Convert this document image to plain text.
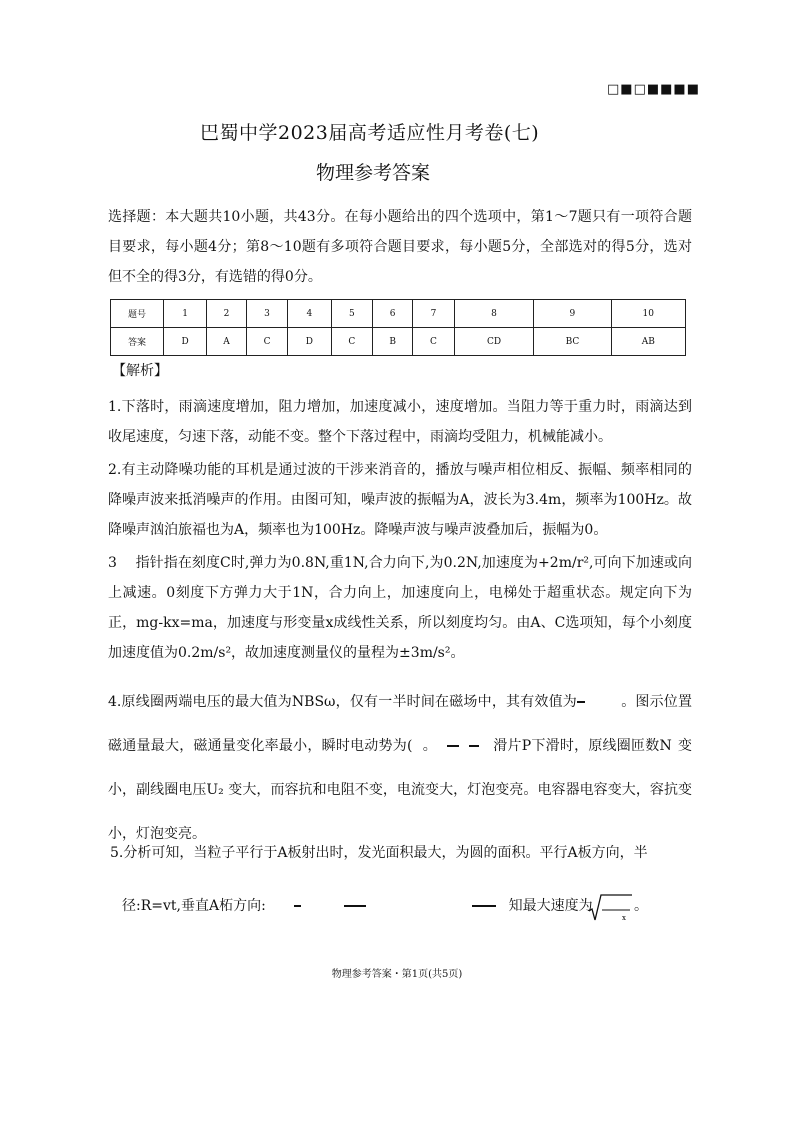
□■□■■■■
巴蜀中学2023届高考适应性月考卷(七)
物理参考答案
选择题：本大题共10小题，共43分。在每小题给出的四个选项中，第1～7题只有一项符合题目要求，每小题4分；第8～10题有多项符合题目要求，每小题5分，全部选对的得5分，选对但不全的得3分，有选错的得0分。
题号	1	2	3	4	5	6	7	8	9	10
答案	D	A	C	D	C	B	C	CD	BC	AB
【解析】
1.下落时，雨滴速度增加，阻力增加，加速度减小，速度增加。当阻力等于重力时，雨滴达到收尾速度，匀速下落，动能不变。整个下落过程中，雨滴均受阻力，机械能减小。
2.有主动降噪功能的耳机是通过波的干涉来消音的，播放与噪声相位相反、振幅、频率相同的降噪声波来抵消噪声的作用。由图可知，噪声波的振幅为A，波长为3.4m，频率为100Hz。故降噪声汹泊旅福也为A，频率也为100Hz。降噪声波与噪声波叠加后，振幅为0。
3　 指针指在刻度C时,弹力为0.8N,重1N,合力向下,为0.2N,加速度为+2m/r²,可向下加速或向上减速。0刻度下方弹力大于1N，合力向上，加速度向上，电梯处于超重状态。规定向下为正，mg-kx=ma，加速度与形变量x成线性关系，所以刻度均匀。由A、C选项知，每个小刻度加速度值为0.2m/s²，故加速度测量仪的量程为±3m/s²。
4.原线圈两端电压的最大值为NBSω，仅有一半时间在磁场中，其有效值为	。图示位置磁通量最大，磁通量变化率最小，瞬时电动势为( 。	滑片P下滑时，原线圈匝数N 变小，副线圈电压U₂ 变大，而容抗和电阻不变，电流变大，灯泡变亮。电容器电容变大，容抗变小，灯泡变亮。
5.分析可知，当粒子平行于A板射出时，发光面积最大，为圆的面积。平行A板方向，半
径:R=vt,垂直A柘方向:	知最大速度为
x
。
物理参考答案・第1页(共5页)
